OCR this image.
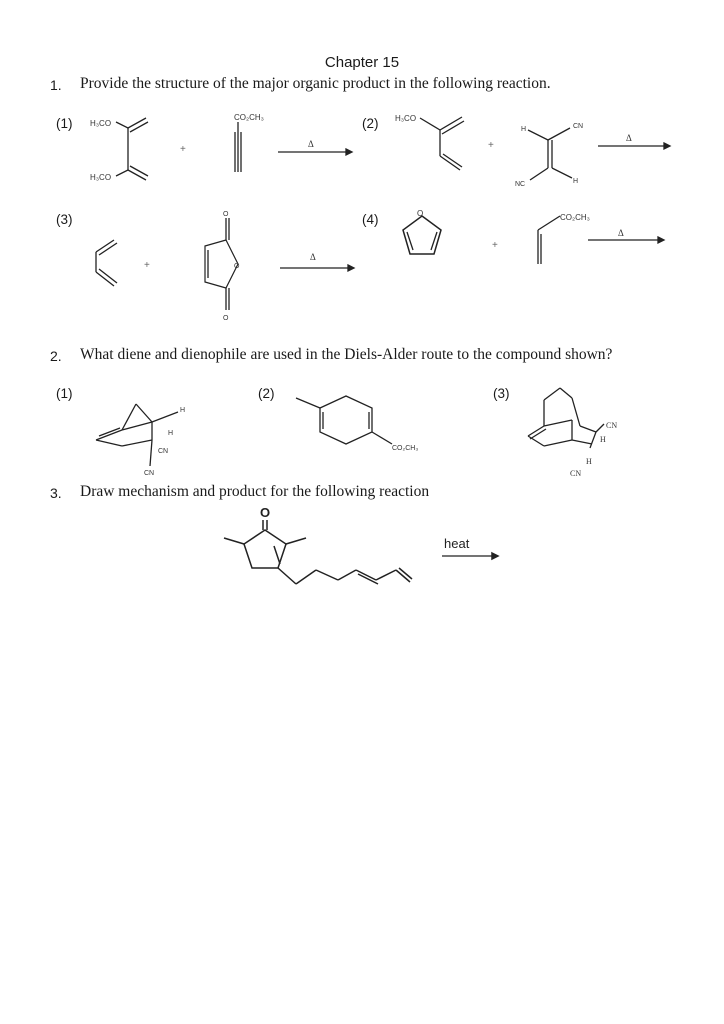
Chapter 15
1. Provide the structure of the major organic product in the following reaction.
(1)	(2)
(3)	(4)
H₃CO
H₃CO
+
CO₂CH₃
Δ
H₃CO
+
H	CN
NC	H
Δ
+
O
O
O
Δ
O
+
CO₂CH₃
Δ
2. What diene and dienophile are used in the Diels-Alder route to the compound shown?
(1)	(2)	(3)
H
H
CN
CN
CO₂CH₃
CN
H
H
CN
3. Draw mechanism and product for the following reaction
O
heat
